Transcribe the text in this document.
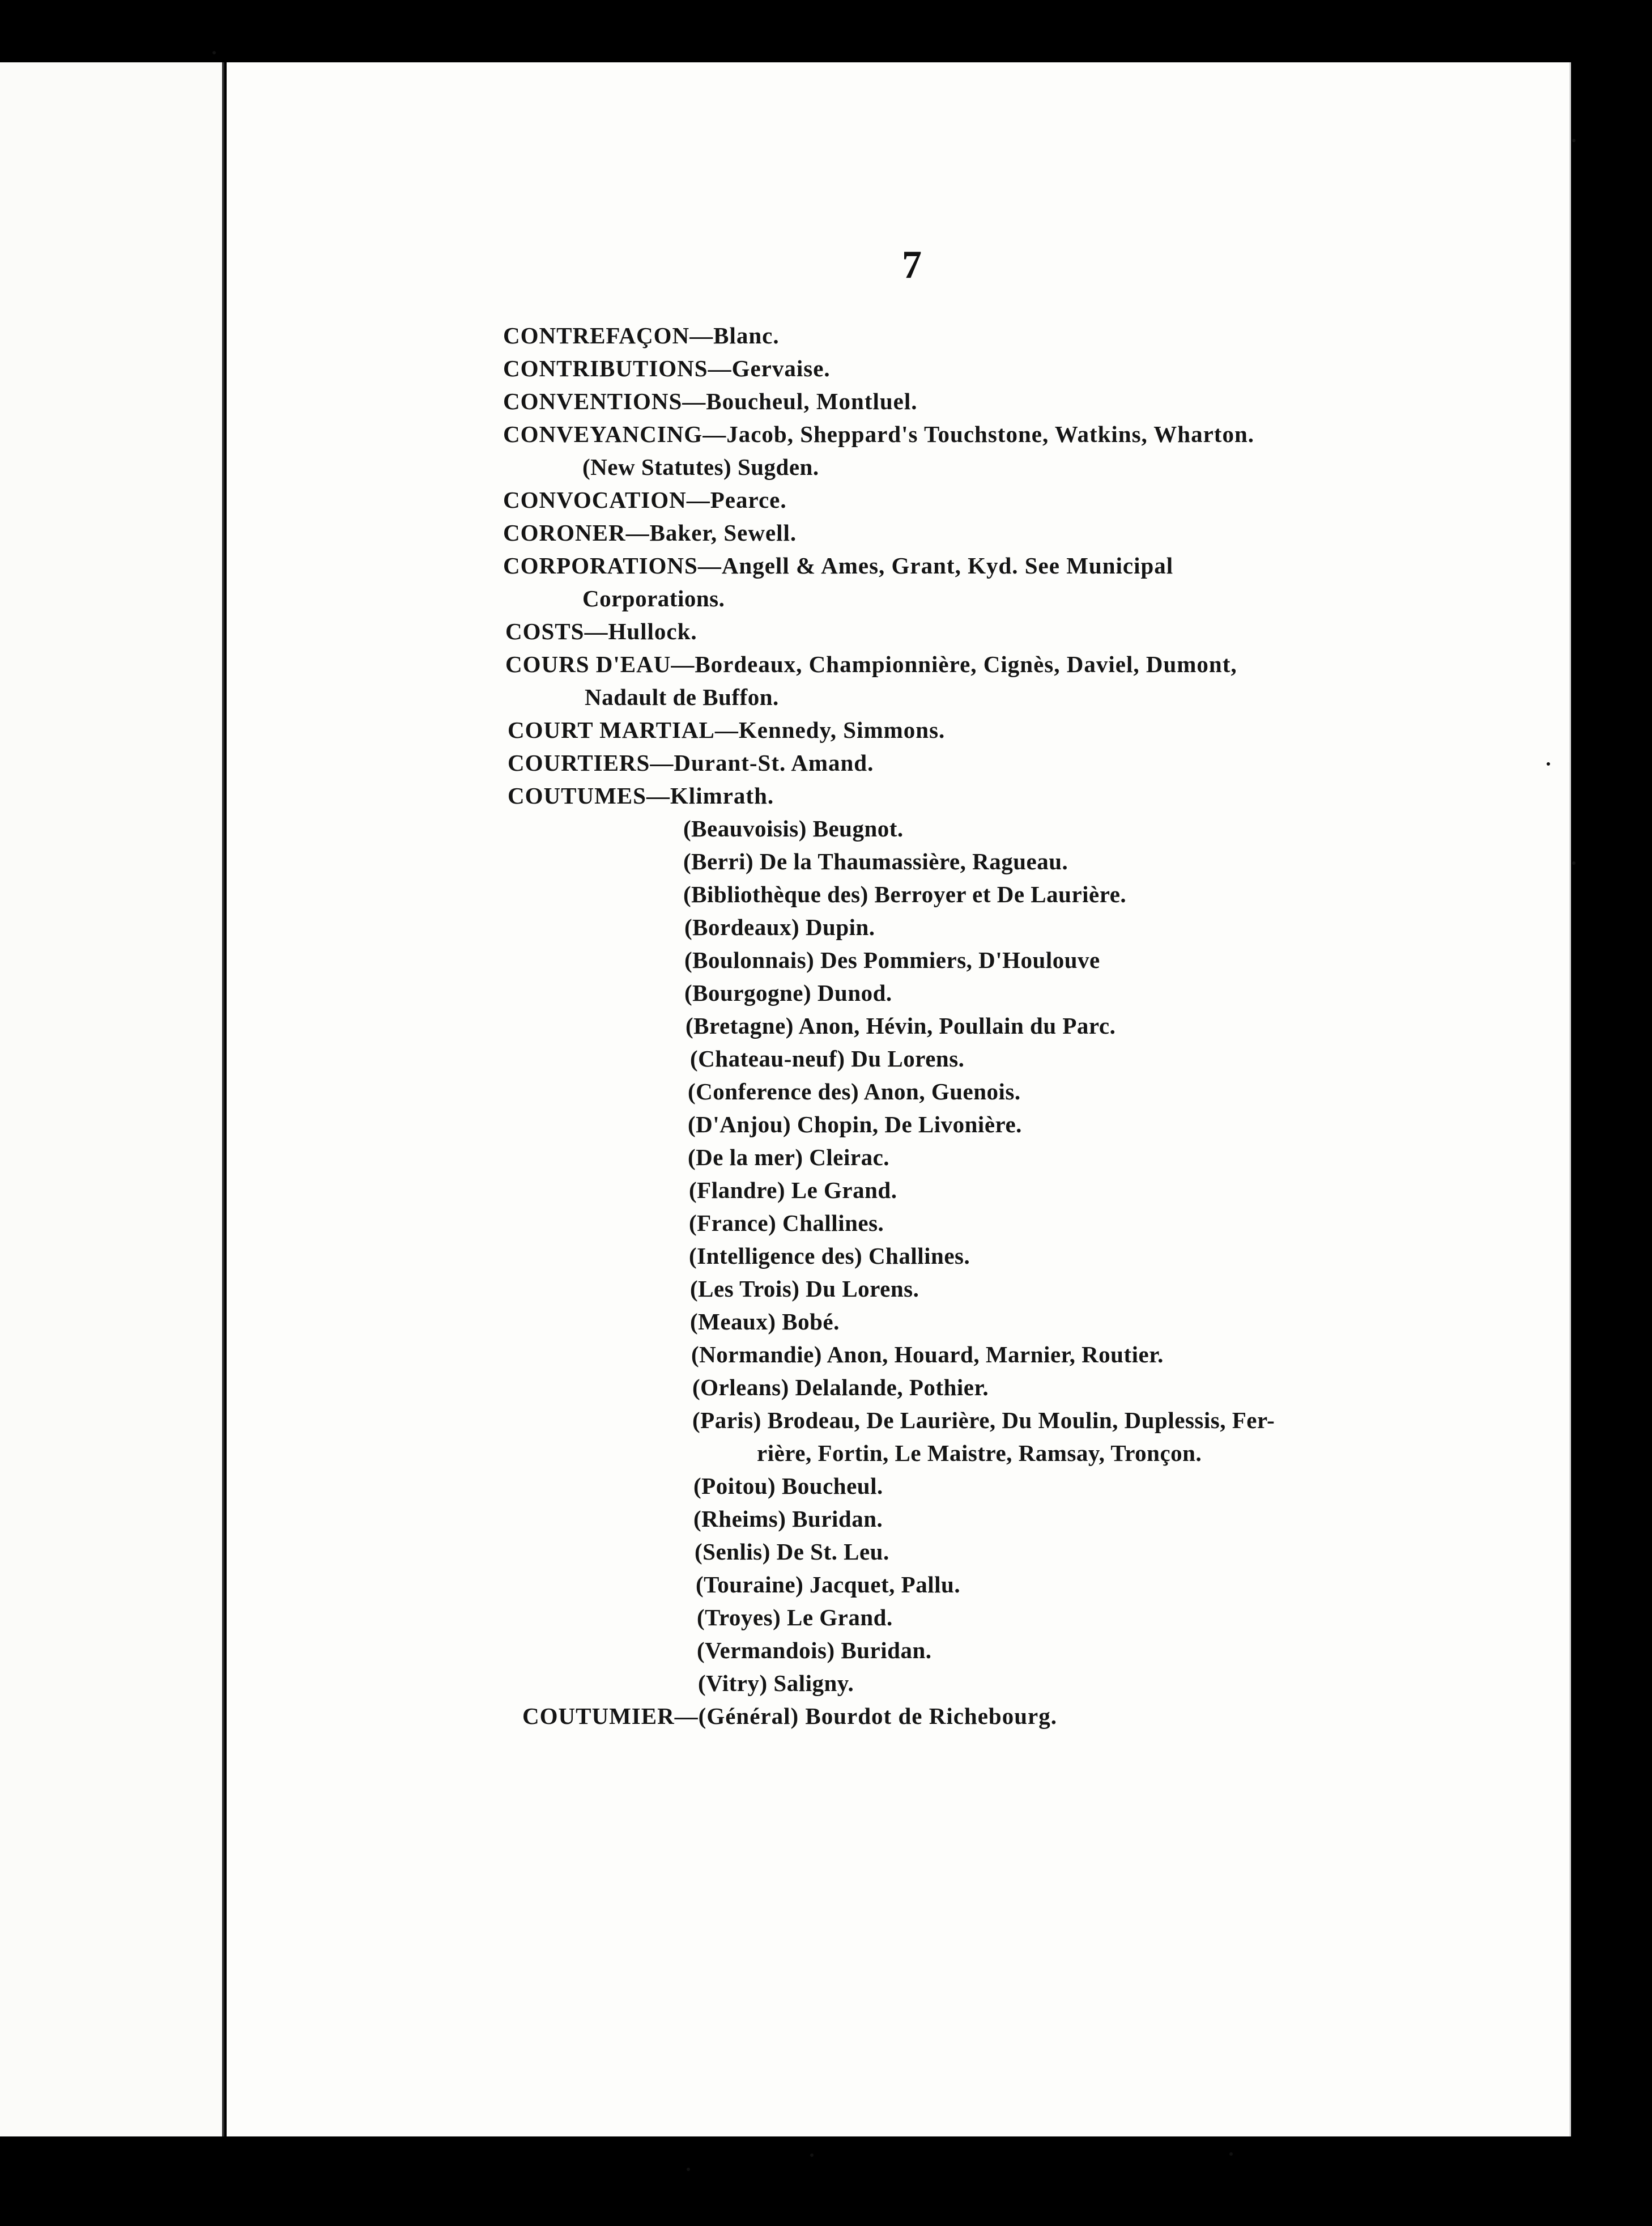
7
CONTREFAÇON—Blanc.
CONTRIBUTIONS—Gervaise.
CONVENTIONS—Boucheul, Montluel.
CONVEYANCING—Jacob, Sheppard's Touchstone, Watkins, Wharton.
(New Statutes) Sugden.
CONVOCATION—Pearce.
CORONER—Baker, Sewell.
CORPORATIONS—Angell & Ames, Grant, Kyd. See Municipal
Corporations.
COSTS—Hullock.
COURS D'EAU—Bordeaux, Championnière, Cignès, Daviel, Dumont,
Nadault de Buffon.
COURT MARTIAL—Kennedy, Simmons.
COURTIERS—Durant-St. Amand.
COUTUMES—Klimrath.
(Beauvoisis) Beugnot.
(Berri) De la Thaumassière, Ragueau.
(Bibliothèque des) Berroyer et De Laurière.
(Bordeaux) Dupin.
(Boulonnais) Des Pommiers, D'Houlouve
(Bourgogne) Dunod.
(Bretagne) Anon, Hévin, Poullain du Parc.
(Chateau-neuf) Du Lorens.
(Conference des) Anon, Guenois.
(D'Anjou) Chopin, De Livonière.
(De la mer) Cleirac.
(Flandre) Le Grand.
(France) Challines.
(Intelligence des) Challines.
(Les Trois) Du Lorens.
(Meaux) Bobé.
(Normandie) Anon, Houard, Marnier, Routier.
(Orleans) Delalande, Pothier.
(Paris) Brodeau, De Laurière, Du Moulin, Duplessis, Fer-
rière, Fortin, Le Maistre, Ramsay, Tronçon.
(Poitou) Boucheul.
(Rheims) Buridan.
(Senlis) De St. Leu.
(Touraine) Jacquet, Pallu.
(Troyes) Le Grand.
(Vermandois) Buridan.
(Vitry) Saligny.
COUTUMIER—(Général) Bourdot de Richebourg.
